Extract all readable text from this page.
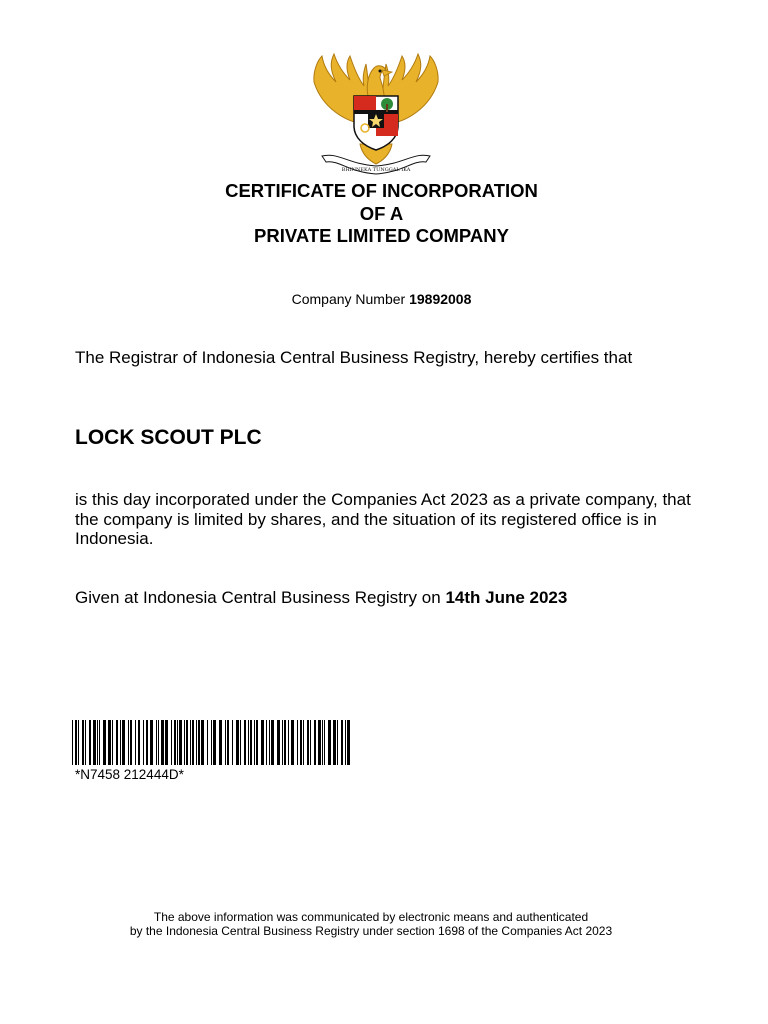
BHINNEKA TUNGGAL IKA
CERTIFICATE OF INCORPORATION
OF A
PRIVATE LIMITED COMPANY
Company Number 19892008
The Registrar of Indonesia Central Business Registry, hereby certifies that
LOCK SCOUT PLC
is this day incorporated under the Companies Act 2023 as a private company, that the company is limited by shares, and the situation of its registered office is in Indonesia.
Given at Indonesia Central Business Registry on 14th June 2023
*N7458 212444D*
The above information was communicated by electronic means and authenticated
by the Indonesia Central Business Registry under section 1698 of the Companies Act 2023
